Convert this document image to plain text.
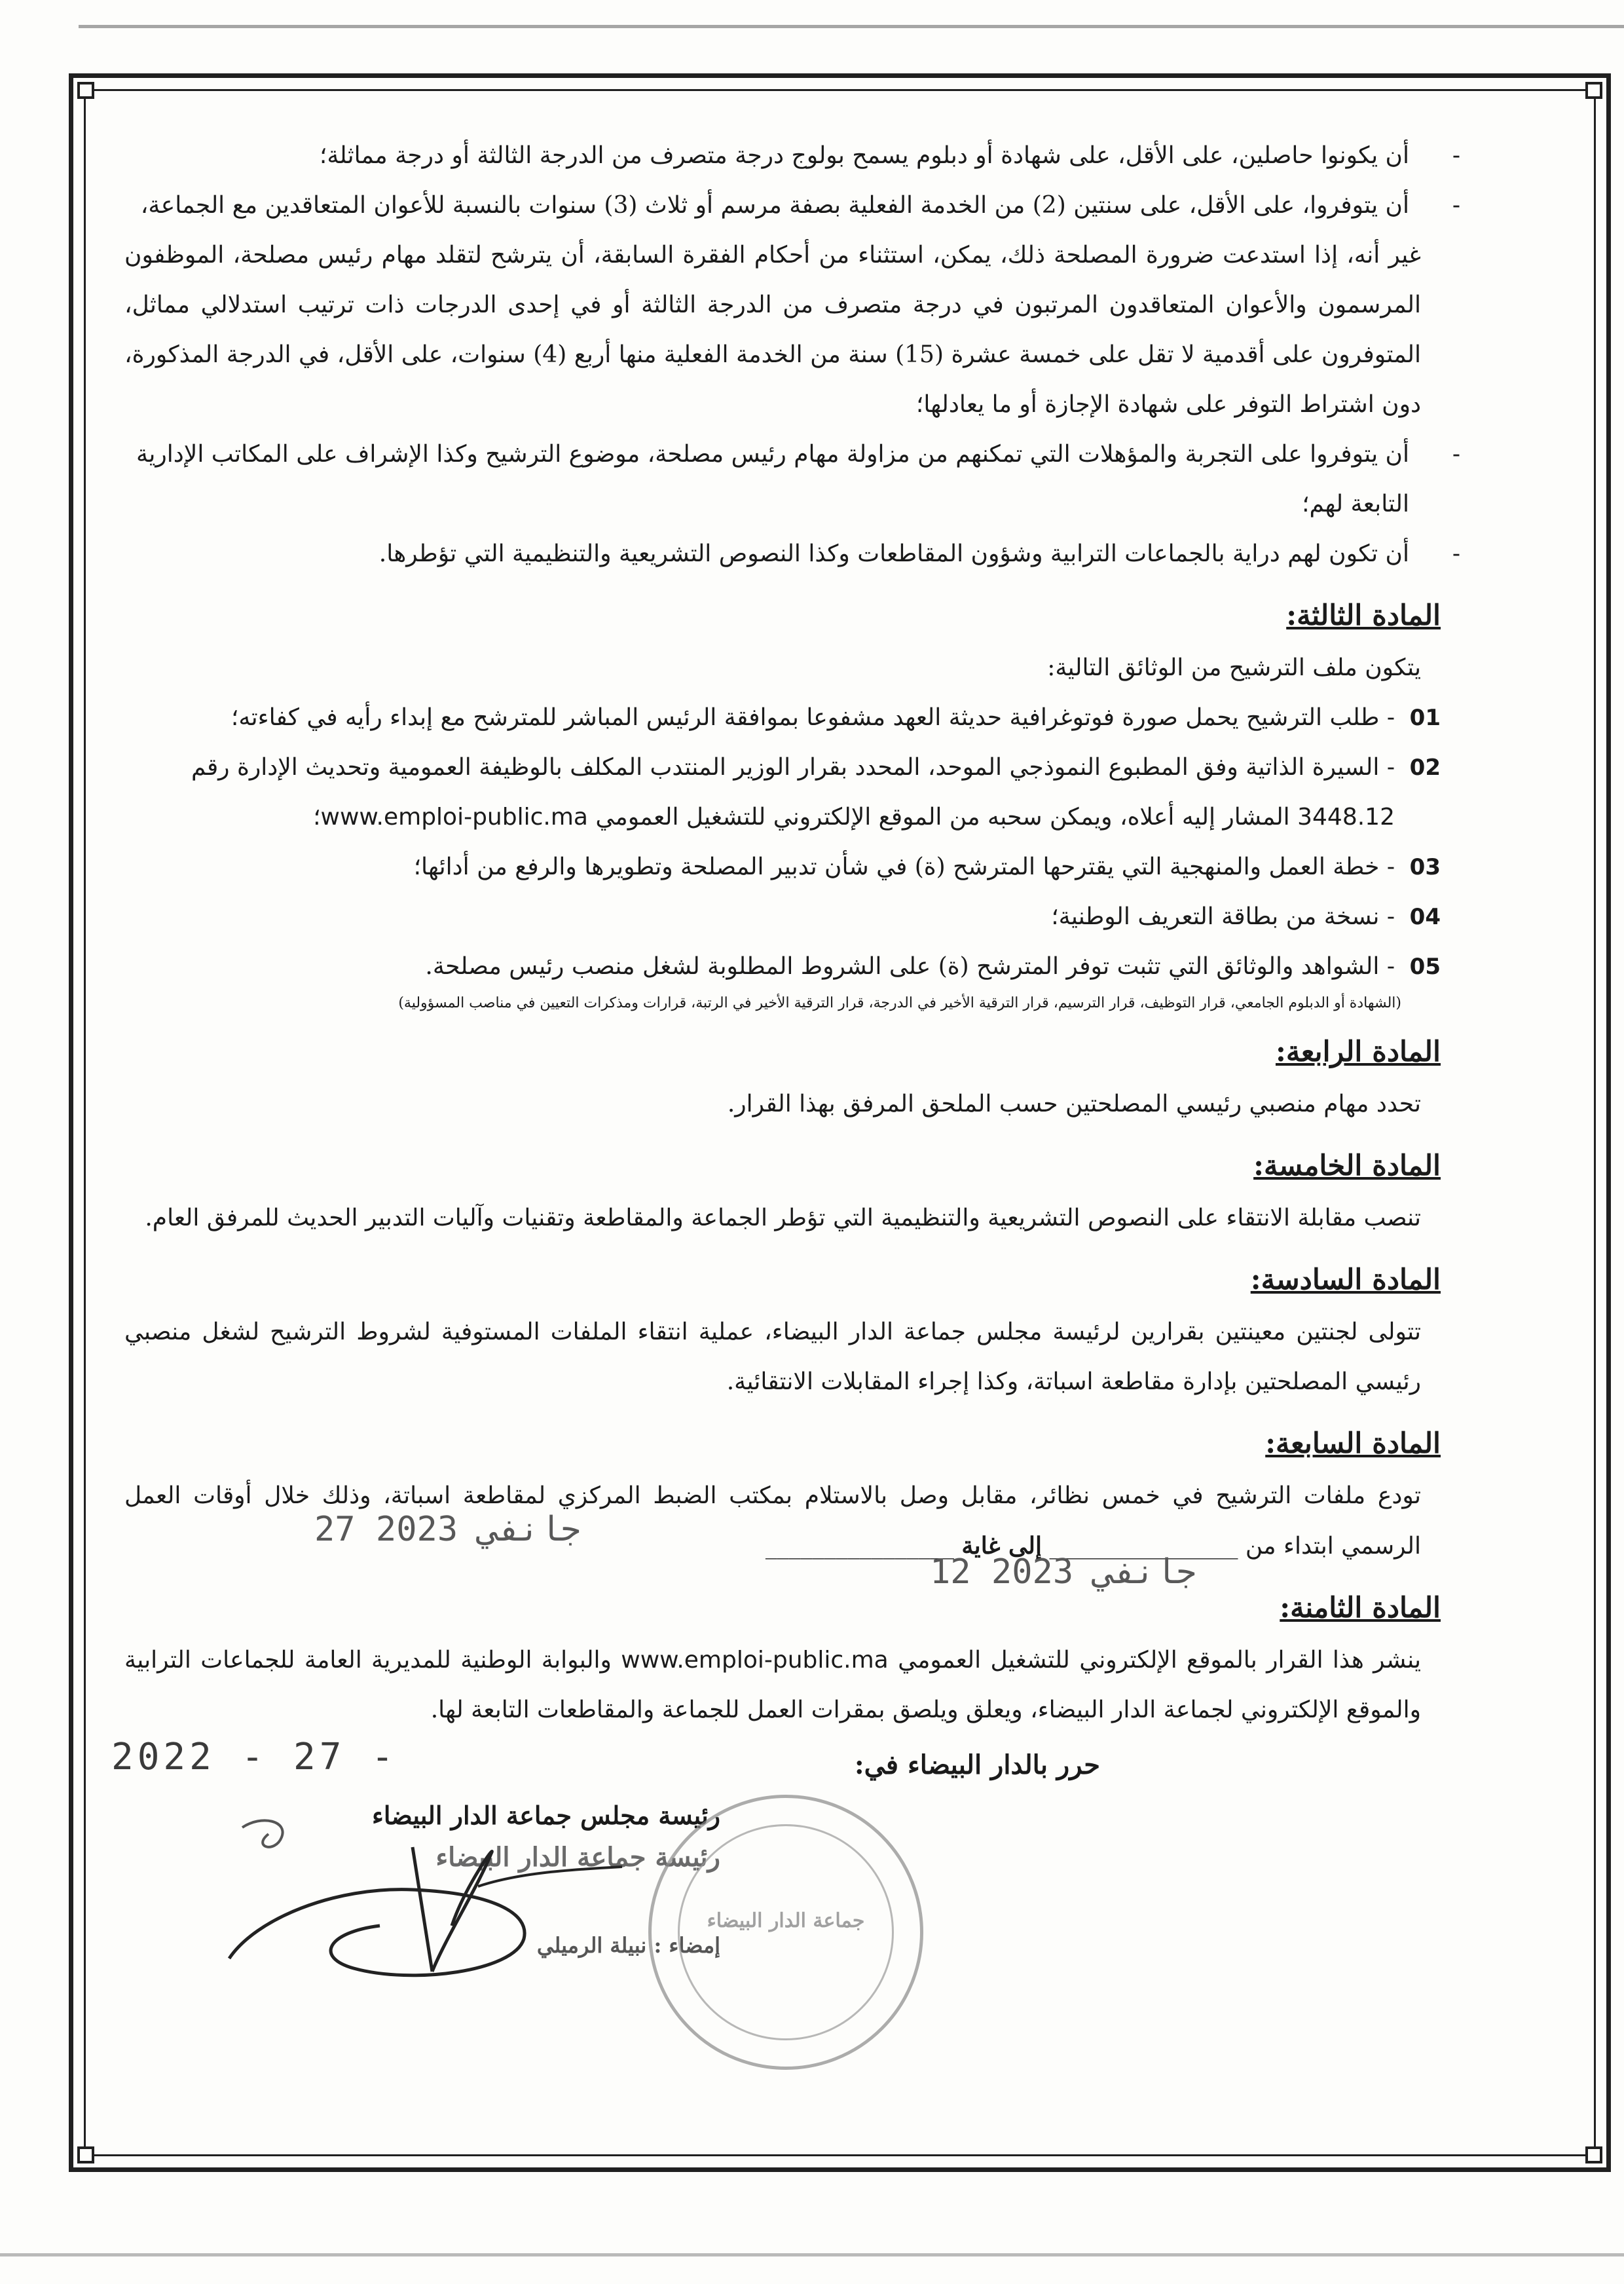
- أن يكونوا حاصلين، على الأقل، على شهادة أو دبلوم يسمح بولوج درجة متصرف من الدرجة الثالثة أو درجة مماثلة؛

- أن يتوفروا، على الأقل، على سنتين (2) من الخدمة الفعلية بصفة مرسم أو ثلاث (3) سنوات بالنسبة للأعوان المتعاقدين مع الجماعة،

غير أنه، إذا استدعت ضرورة المصلحة ذلك، يمكن، استثناء من أحكام الفقرة السابقة، أن يترشح لتقلد مهام رئيس مصلحة، الموظفون المرسمون والأعوان المتعاقدون المرتبون في درجة متصرف من الدرجة الثالثة أو في إحدى الدرجات ذات ترتيب استدلالي مماثل، المتوفرون على أقدمية لا تقل على خمسة عشرة (15) سنة من الخدمة الفعلية منها أربع (4) سنوات، على الأقل، في الدرجة المذكورة، دون اشتراط التوفر على شهادة الإجازة أو ما يعادلها؛

- أن يتوفروا على التجربة والمؤهلات التي تمكنهم من مزاولة مهام رئيس مصلحة، موضوع الترشيح وكذا الإشراف على المكاتب الإدارية التابعة لهم؛

- أن تكون لهم دراية بالجماعات الترابية وشؤون المقاطعات وكذا النصوص التشريعية والتنظيمية التي تؤطرها.

المادة الثالثة:

يتكون ملف الترشيح من الوثائق التالية:

01
- طلب الترشيح يحمل صورة فوتوغرافية حديثة العهد مشفوعا بموافقة الرئيس المباشر للمترشح مع إبداء رأيه في كفاءته؛

02
- السيرة الذاتية وفق المطبوع النموذجي الموحد، المحدد بقرار الوزير المنتدب المكلف بالوظيفة العمومية وتحديث الإدارة رقم 3448.12 المشار إليه أعلاه، ويمكن سحبه من الموقع الإلكتروني للتشغيل العمومي www.emploi-public.ma؛

03
- خطة العمل والمنهجية التي يقترحها المترشح (ة) في شأن تدبير المصلحة وتطويرها والرفع من أدائها؛

04
- نسخة من بطاقة التعريف الوطنية؛

05
- الشواهد والوثائق التي تثبت توفر المترشح (ة) على الشروط المطلوبة لشغل منصب رئيس مصلحة.

(الشهادة أو الدبلوم الجامعي، قرار التوظيف، قرار الترسيم، قرار الترقية الأخير في الدرجة، قرار الترقية الأخير في الرتبة، قرارات ومذكرات التعيين في مناصب المسؤولية)

المادة الرابعة:

تحدد مهام منصبي رئيسي المصلحتين حسب الملحق المرفق بهذا القرار.

المادة الخامسة:

تنصب مقابلة الانتقاء على النصوص التشريعية والتنظيمية التي تؤطر الجماعة والمقاطعة وتقنيات وآليات التدبير الحديث للمرفق العام.

المادة السادسة:

تتولى لجنتين معينتين بقرارين لرئيسة مجلس جماعة الدار البيضاء، عملية انتقاء الملفات المستوفية لشروط الترشيح لشغل منصبي رئيسي المصلحتين بإدارة مقاطعة اسباتة، وكذا إجراء المقابلات الانتقائية.

المادة السابعة:

تودع ملفات الترشيح في خمس نظائر، مقابل وصل بالاستلام بمكتب الضبط المركزي لمقاطعة اسباتة، وذلك خلال أوقات العمل الرسمي ابتداء من ________________ إلى غاية ________________

المادة الثامنة:

ينشر هذا القرار بالموقع الإلكتروني للتشغيل العمومي www.emploi-public.ma والبوابة الوطنية للمديرية العامة للجماعات الترابية والموقع الإلكتروني لجماعة الدار البيضاء، ويعلق ويلصق بمقرات العمل للجماعة والمقاطعات التابعة لها.

حرر بالدار البيضاء في:

27 جانفي 2023
12 جانفي 2023
2022 - 27 -
رئيسة مجلس جماعة الدار البيضاء
رئيسة جماعة الدار البيضاء
إمضاء : نبيلة الرميلي
جماعة الدار البيضاء
